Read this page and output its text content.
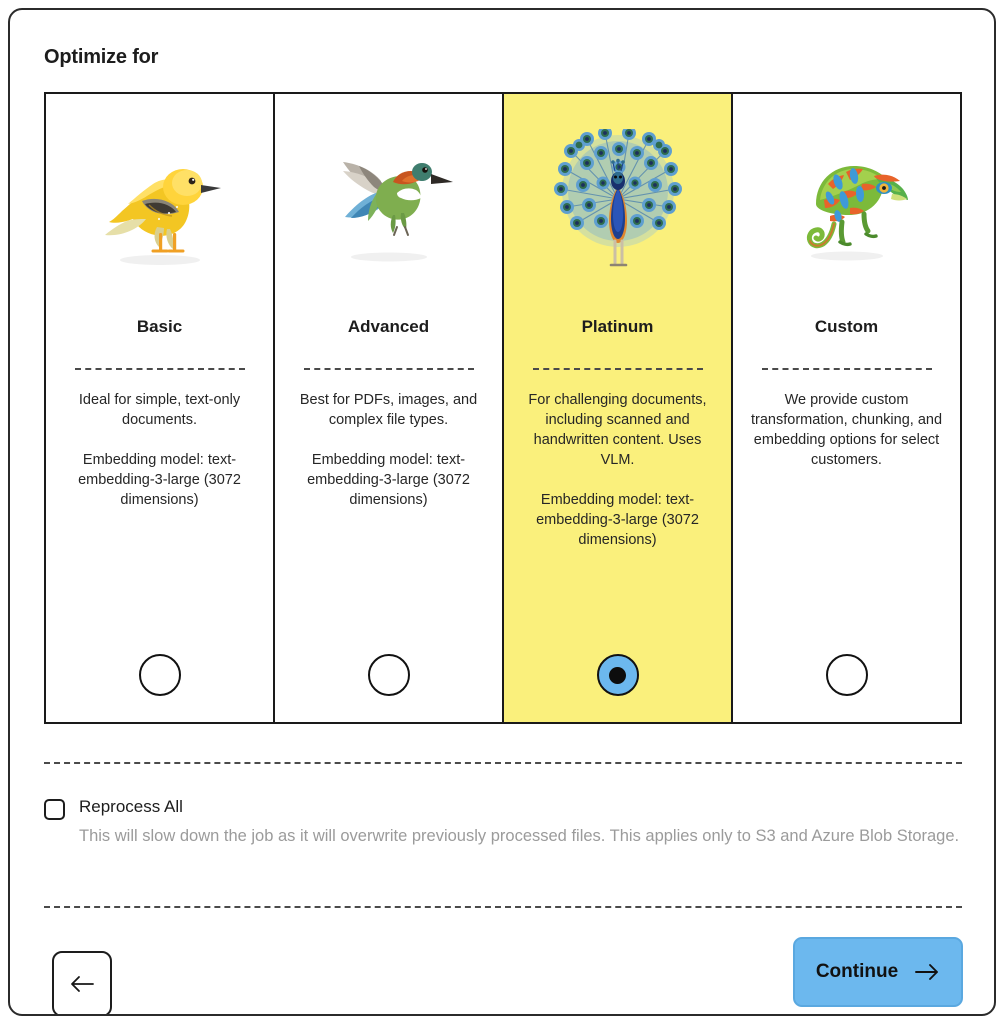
Optimize for
Basic
Ideal for simple, text-only documents.
Embedding model: text-embedding-3-large (3072 dimensions)
Advanced
Best for PDFs, images, and complex file types.
Embedding model: text-embedding-3-large (3072 dimensions)
Platinum
For challenging documents, including scanned and handwritten content. Uses VLM.
Embedding model: text-embedding-3-large (3072 dimensions)
Custom
We provide custom transformation, chunking, and embedding options for select customers.
Reprocess All
This will slow down the job as it will overwrite previously processed files. This applies only to S3 and Azure Blob Storage.
Continue
